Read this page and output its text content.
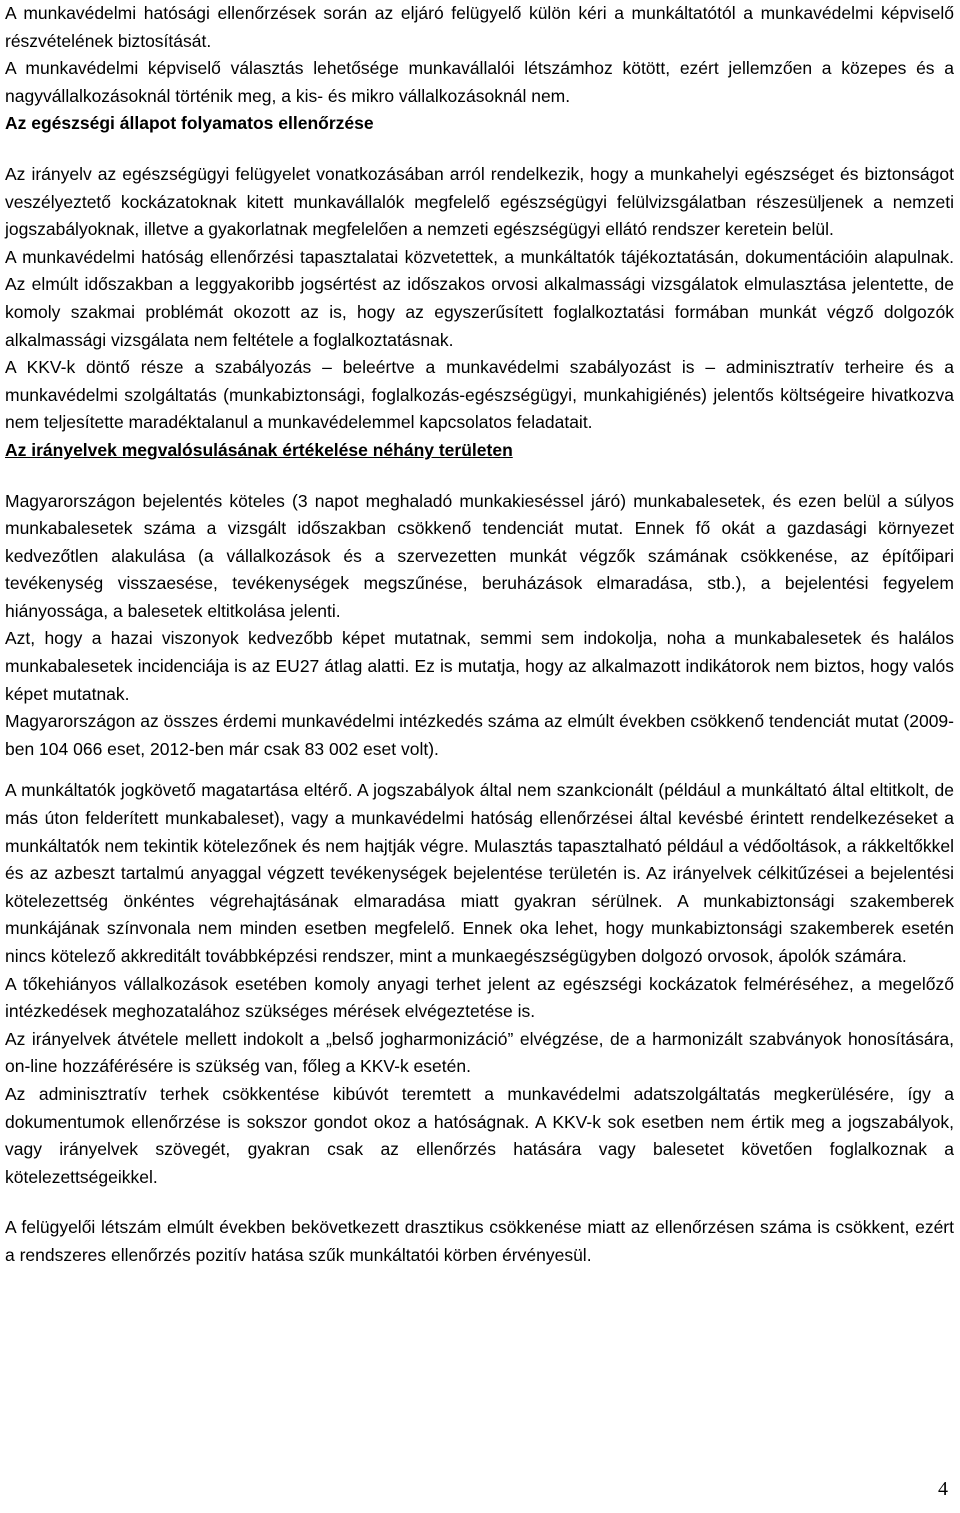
A munkavédelmi hatósági ellenőrzések során az eljáró felügyelő külön kéri a munkáltatótól a munkavédelmi képviselő részvételének biztosítását.

A munkavédelmi képviselő választás lehetősége munkavállalói létszámhoz kötött, ezért jellemzően a közepes és a nagyvállalkozásoknál történik meg, a kis- és mikro vállalkozásoknál nem.

Az egészségi állapot folyamatos ellenőrzése

Az irányelv az egészségügyi felügyelet vonatkozásában arról rendelkezik, hogy a munkahelyi egészséget és biztonságot veszélyeztető kockázatoknak kitett munkavállalók megfelelő egészségügyi felülvizsgálatban részesüljenek a nemzeti jogszabályoknak, illetve a gyakorlatnak megfelelően a nemzeti egészségügyi ellátó rendszer keretein belül.

A munkavédelmi hatóság ellenőrzési tapasztalatai közvetettek, a munkáltatók tájékoztatásán, dokumentációin alapulnak. Az elmúlt időszakban a leggyakoribb jogsértést az időszakos orvosi alkalmassági vizsgálatok elmulasztása jelentette, de komoly szakmai problémát okozott az is, hogy az egyszerűsített foglalkoztatási formában munkát végző dolgozók alkalmassági vizsgálata nem feltétele a foglalkoztatásnak.

A KKV-k döntő része a szabályozás – beleértve a munkavédelmi szabályozást is – adminisztratív terheire és a munkavédelmi szolgáltatás (munkabiztonsági, foglalkozás-egészségügyi, munkahigiénés) jelentős költségeire hivatkozva nem teljesítette maradéktalanul a munkavédelemmel kapcsolatos feladatait.

Az irányelvek megvalósulásának értékelése néhány területen

Magyarországon bejelentés köteles (3 napot meghaladó munkakieséssel járó) munkabalesetek, és ezen belül a súlyos munkabalesetek száma a vizsgált időszakban csökkenő tendenciát mutat. Ennek fő okát a gazdasági környezet kedvezőtlen alakulása (a vállalkozások és a szervezetten munkát végzők számának csökkenése, az építőipari tevékenység visszaesése, tevékenységek megszűnése, beruházások elmaradása, stb.), a bejelentési fegyelem hiányossága, a balesetek eltitkolása jelenti.

Azt, hogy a hazai viszonyok kedvezőbb képet mutatnak, semmi sem indokolja, noha a munkabalesetek és halálos munkabalesetek incidenciája is az EU27 átlag alatti. Ez is mutatja, hogy az alkalmazott indikátorok nem biztos, hogy valós képet mutatnak.

Magyarországon az összes érdemi munkavédelmi intézkedés száma az elmúlt években csökkenő tendenciát mutat (2009-ben 104 066 eset, 2012-ben már csak 83 002 eset volt).

A munkáltatók jogkövető magatartása eltérő. A jogszabályok által nem szankcionált (például a munkáltató által eltitkolt, de más úton felderített munkabaleset), vagy a munkavédelmi hatóság ellenőrzései által kevésbé érintett rendelkezéseket a munkáltatók nem tekintik kötelezőnek és nem hajtják végre. Mulasztás tapasztalható például a védőoltások, a rákkeltőkkel és az azbeszt tartalmú anyaggal végzett tevékenységek bejelentése területén is. Az irányelvek célkitűzései a bejelentési kötelezettség önkéntes végrehajtásának elmaradása miatt gyakran sérülnek. A munkabiztonsági szakemberek munkájának színvonala nem minden esetben megfelelő. Ennek oka lehet, hogy munkabiztonsági szakemberek esetén nincs kötelező akkreditált továbbképzési rendszer, mint a munkaegészségügyben dolgozó orvosok, ápolók számára.

A tőkehiányos vállalkozások esetében komoly anyagi terhet jelent az egészségi kockázatok felméréséhez, a megelőző intézkedések meghozatalához szükséges mérések elvégeztetése is.

Az irányelvek átvétele mellett indokolt a „belső jogharmonizáció” elvégzése, de a harmonizált szabványok honosítására, on-line hozzáférésére is szükség van, főleg a KKV-k esetén.

Az adminisztratív terhek csökkentése kibúvót teremtett a munkavédelmi adatszolgáltatás megkerülésére, így a dokumentumok ellenőrzése is sokszor gondot okoz a hatóságnak. A KKV-k sok esetben nem értik meg a jogszabályok, vagy irányelvek szövegét, gyakran csak az ellenőrzés hatására vagy balesetet követően foglalkoznak a kötelezettségeikkel.

A felügyelői létszám elmúlt években bekövetkezett drasztikus csökkenése miatt az ellenőrzésen száma is csökkent, ezért a rendszeres ellenőrzés pozitív hatása szűk munkáltatói körben érvényesül.

4
